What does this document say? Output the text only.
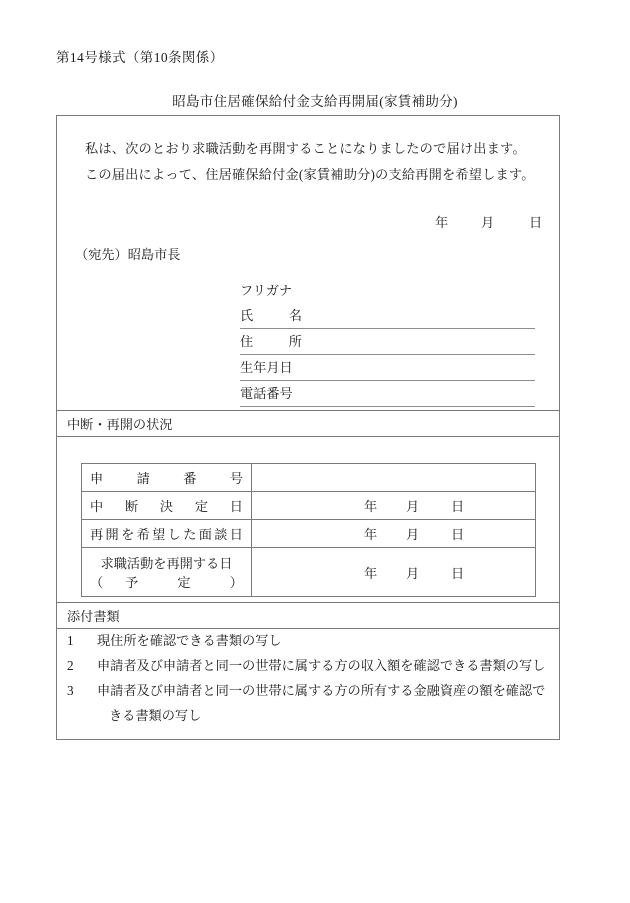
第14号様式（第10条関係）
昭島市住居確保給付金支給再開届(家賃補助分)

私は、次のとおり求職活動を再開することになりましたので届け出ます。

この届出によって、住居確保給付金(家賃補助分)の支給再開を希望します。

年 月	日
（宛先）昭島市長
フリガナ
氏　名
住　所
生年月日
電話番号
中断・再開の状況
申請番号	

中断決定日	年 月 日

再開を希望した面談日	年 月 日

求職活動を再開する日
（　予　　定　　）	年 月 日
添付書類
1 現住所を確認できる書類の写し
2 申請者及び申請者と同一の世帯に属する方の収入額を確認できる書類の写し
3 申請者及び申請者と同一の世帯に属する方の所有する金融資産の額を確認できる書類の写し
